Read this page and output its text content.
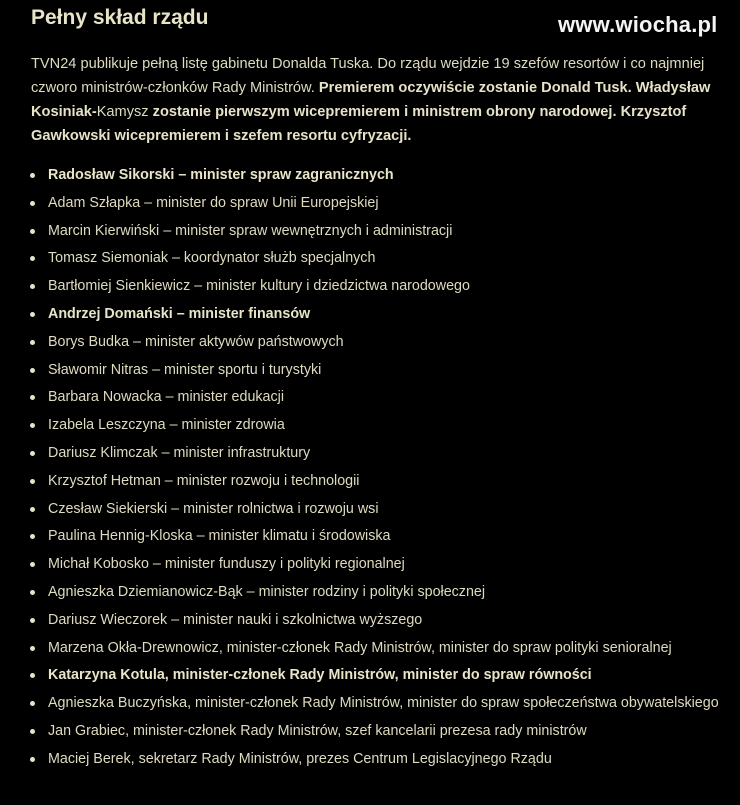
Pełny skład rządu	www.wiocha.pl
TVN24 publikuje pełną listę gabinetu Donalda Tuska. Do rządu wejdzie 19 szefów resortów i co najmniej czworo ministrów-członków Rady Ministrów. Premierem oczywiście zostanie Donald Tusk. Władysław Kosiniak-Kamysz zostanie pierwszym wicepremierem i ministrem obrony narodowej. Krzysztof Gawkowski wicepremierem i szefem resortu cyfryzacji.
Radosław Sikorski – minister spraw zagranicznych
Adam Szłapka – minister do spraw Unii Europejskiej
Marcin Kierwiński – minister spraw wewnętrznych i administracji
Tomasz Siemoniak – koordynator służb specjalnych
Bartłomiej Sienkiewicz – minister kultury i dziedzictwa narodowego
Andrzej Domański – minister finansów
Borys Budka – minister aktywów państwowych
Sławomir Nitras – minister sportu i turystyki
Barbara Nowacka – minister edukacji
Izabela Leszczyna – minister zdrowia
Dariusz Klimczak – minister infrastruktury
Krzysztof Hetman – minister rozwoju i technologii
Czesław Siekierski – minister rolnictwa i rozwoju wsi
Paulina Hennig-Kloska – minister klimatu i środowiska
Michał Kobosko – minister funduszy i polityki regionalnej
Agnieszka Dziemianowicz-Bąk – minister rodziny i polityki społecznej
Dariusz Wieczorek – minister nauki i szkolnictwa wyższego
Marzena Okła-Drewnowicz, minister-członek Rady Ministrów, minister do spraw polityki senioralnej
Katarzyna Kotula, minister-członek Rady Ministrów, minister do spraw równości
Agnieszka Buczyńska, minister-członek Rady Ministrów, minister do spraw społeczeństwa obywatelskiego
Jan Grabiec, minister-członek Rady Ministrów, szef kancelarii prezesa rady ministrów
Maciej Berek, sekretarz Rady Ministrów, prezes Centrum Legislacyjnego Rządu
